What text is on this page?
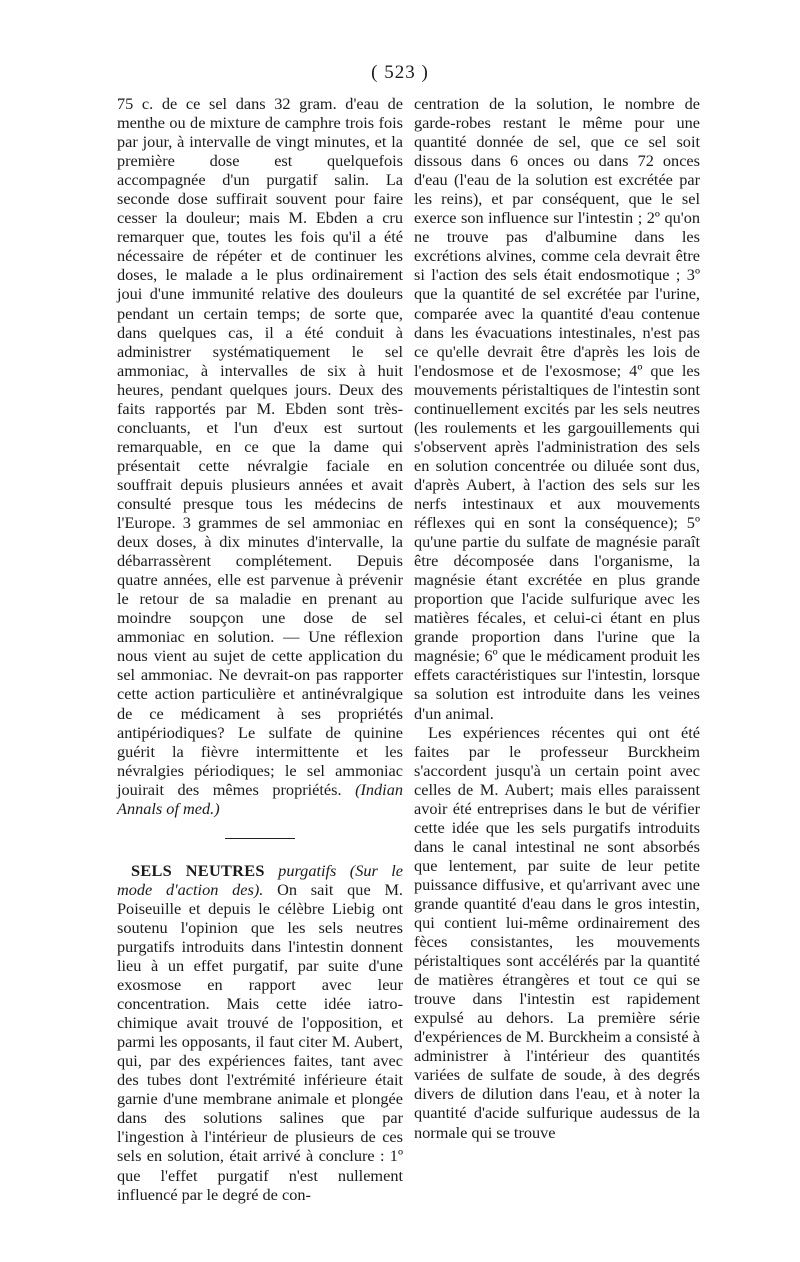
( 523 )

75 c. de ce sel dans 32 gram. d'eau de menthe ou de mixture de camphre trois fois par jour, à intervalle de vingt minutes, et la première dose est quelquefois accompagnée d'un purgatif salin. La seconde dose suffirait souvent pour faire cesser la douleur; mais M. Ebden a cru remarquer que, toutes les fois qu'il a été nécessaire de répéter et de continuer les doses, le malade a le plus ordinairement joui d'une immunité relative des douleurs pendant un certain temps; de sorte que, dans quelques cas, il a été conduit à administrer systématiquement le sel ammoniac, à intervalles de six à huit heures, pendant quelques jours. Deux des faits rapportés par M. Ebden sont très-concluants, et l'un d'eux est surtout remarquable, en ce que la dame qui présentait cette névralgie faciale en souffrait depuis plusieurs années et avait consulté presque tous les médecins de l'Europe. 3 grammes de sel ammoniac en deux doses, à dix minutes d'intervalle, la débarrassèrent complétement. Depuis quatre années, elle est parvenue à prévenir le retour de sa maladie en prenant au moindre soupçon une dose de sel ammoniac en solution. — Une réflexion nous vient au sujet de cette application du sel ammoniac. Ne devrait-on pas rapporter cette action particulière et antinévralgique de ce médicament à ses propriétés antipériodiques? Le sulfate de quinine guérit la fièvre intermittente et les névralgies périodiques; le sel ammoniac jouirait des mêmes propriétés. (Indian Annals of med.)

SELS NEUTRES purgatifs (Sur le mode d'action des). On sait que M. Poiseuille et depuis le célèbre Liebig ont soutenu l'opinion que les sels neutres purgatifs introduits dans l'intestin donnent lieu à un effet purgatif, par suite d'une exosmose en rapport avec leur concentration. Mais cette idée iatro-chimique avait trouvé de l'opposition, et parmi les opposants, il faut citer M. Aubert, qui, par des expériences faites, tant avec des tubes dont l'extrémité inférieure était garnie d'une membrane animale et plongée dans des solutions salines que par l'ingestion à l'intérieur de plusieurs de ces sels en solution, était arrivé à conclure : 1º que l'effet purgatif n'est nullement influencé par le degré de con-

centration de la solution, le nombre de garde-robes restant le même pour une quantité donnée de sel, que ce sel soit dissous dans 6 onces ou dans 72 onces d'eau (l'eau de la solution est excrétée par les reins), et par conséquent, que le sel exerce son influence sur l'intestin ; 2º qu'on ne trouve pas d'albumine dans les excrétions alvines, comme cela devrait être si l'action des sels était endosmotique ; 3º que la quantité de sel excrétée par l'urine, comparée avec la quantité d'eau contenue dans les évacuations intestinales, n'est pas ce qu'elle devrait être d'après les lois de l'endosmose et de l'exosmose; 4º que les mouvements péristaltiques de l'intestin sont continuellement excités par les sels neutres (les roulements et les gargouillements qui s'observent après l'administration des sels en solution concentrée ou diluée sont dus, d'après Aubert, à l'action des sels sur les nerfs intestinaux et aux mouvements réflexes qui en sont la conséquence); 5º qu'une partie du sulfate de magnésie paraît être décomposée dans l'organisme, la magnésie étant excrétée en plus grande proportion que l'acide sulfurique avec les matières fécales, et celui-ci étant en plus grande proportion dans l'urine que la magnésie; 6º que le médicament produit les effets caractéristiques sur l'intestin, lorsque sa solution est introduite dans les veines d'un animal.

Les expériences récentes qui ont été faites par le professeur Burckheim s'accordent jusqu'à un certain point avec celles de M. Aubert; mais elles paraissent avoir été entreprises dans le but de vérifier cette idée que les sels purgatifs introduits dans le canal intestinal ne sont absorbés que lentement, par suite de leur petite puissance diffusive, et qu'arrivant avec une grande quantité d'eau dans le gros intestin, qui contient lui-même ordinairement des fèces consistantes, les mouvements péristaltiques sont accélérés par la quantité de matières étrangères et tout ce qui se trouve dans l'intestin est rapidement expulsé au dehors. La première série d'expériences de M. Burckheim a consisté à administrer à l'intérieur des quantités variées de sulfate de soude, à des degrés divers de dilution dans l'eau, et à noter la quantité d'acide sulfurique audessus de la normale qui se trouve
